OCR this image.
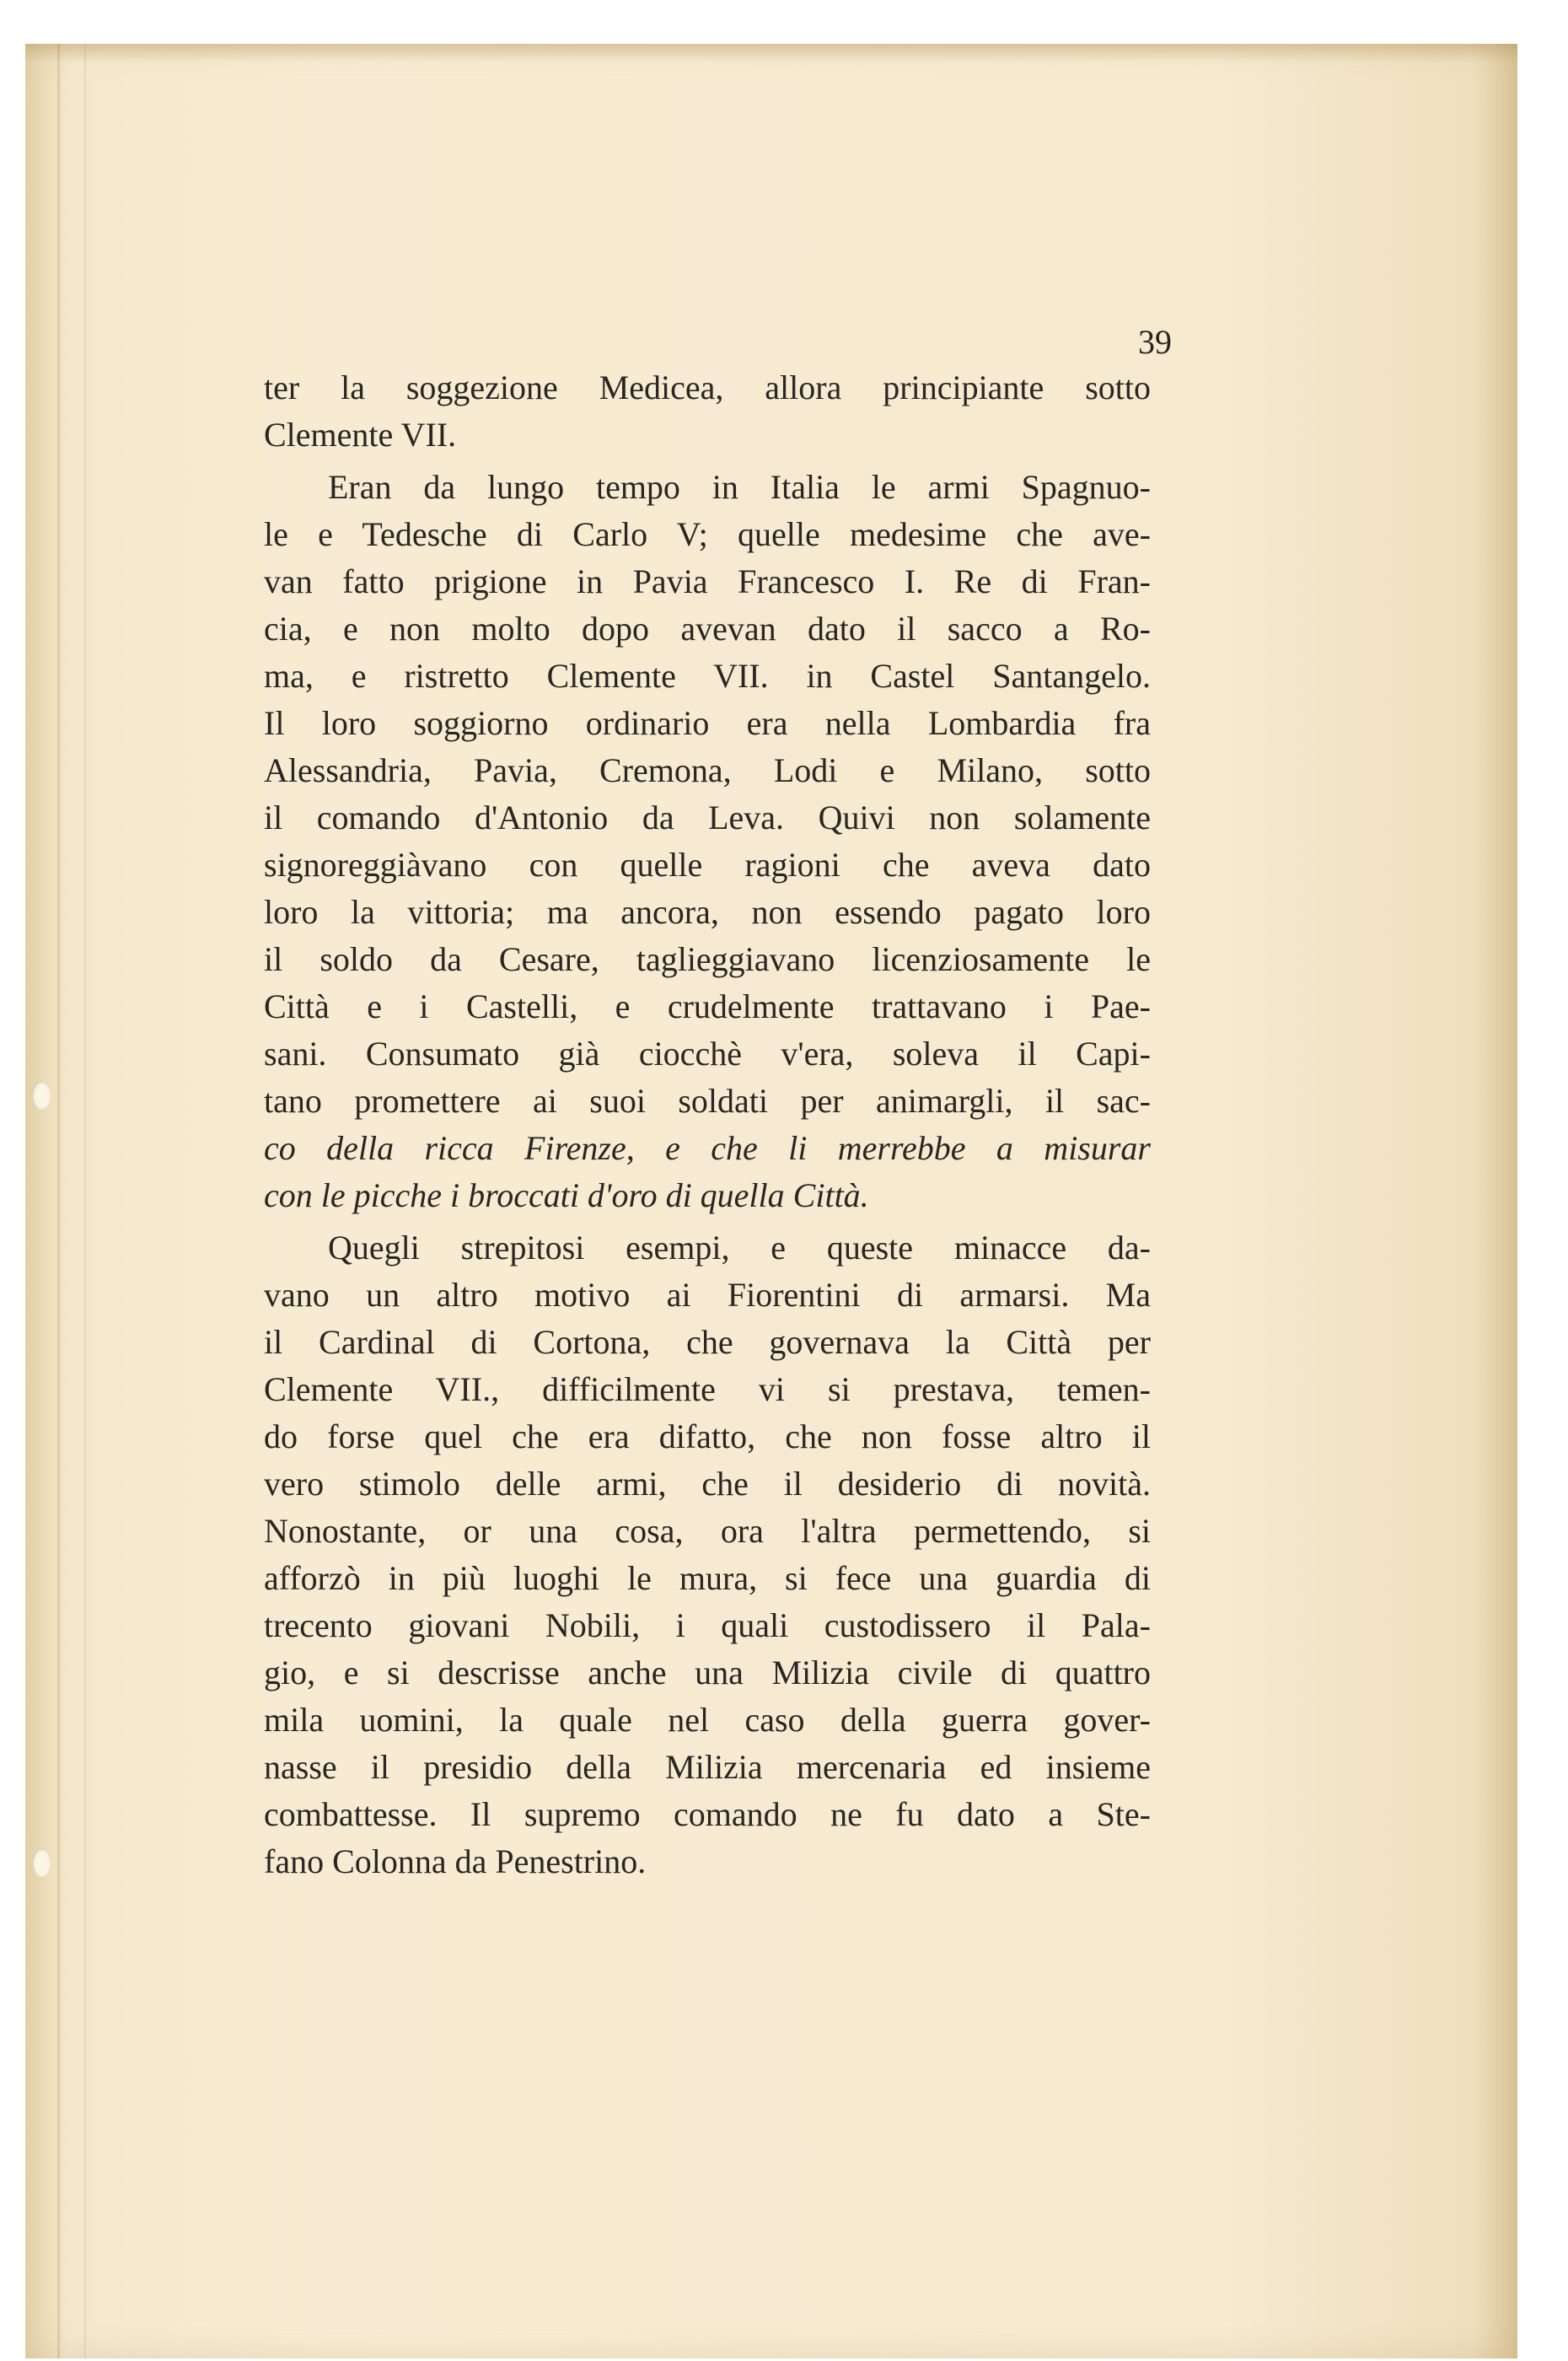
39
ter la soggezione Medicea, allora principiante sotto
Clemente VII.
Eran da lungo tempo in Italia le armi Spagnuo-
le e Tedesche di Carlo V; quelle medesime che ave-
van fatto prigione in Pavia Francesco I. Re di Fran-
cia, e non molto dopo avevan dato il sacco a Ro-
ma, e ristretto Clemente VII. in Castel Santangelo.
Il loro soggiorno ordinario era nella Lombardia fra
Alessandria, Pavia, Cremona, Lodi e Milano, sotto
il comando d'Antonio da Leva. Quivi non solamente
signoreggiàvano con quelle ragioni che aveva dato
loro la vittoria; ma ancora, non essendo pagato loro
il soldo da Cesare, taglieggiavano licenziosamente le
Città e i Castelli, e crudelmente trattavano i Pae-
sani. Consumato già ciocchè v'era, soleva il Capi-
tano promettere ai suoi soldati per animargli, il sac-
co della ricca Firenze, e che li merrebbe a misurar
con le picche i broccati d'oro di quella Città.
Quegli strepitosi esempi, e queste minacce da-
vano un altro motivo ai Fiorentini di armarsi. Ma
il Cardinal di Cortona, che governava la Città per
Clemente VII., difficilmente vi si prestava, temen-
do forse quel che era difatto, che non fosse altro il
vero stimolo delle armi, che il desiderio di novità.
Nonostante, or una cosa, ora l'altra permettendo, si
afforzò in più luoghi le mura, si fece una guardia di
trecento giovani Nobili, i quali custodissero il Pala-
gio, e si descrisse anche una Milizia civile di quattro
mila uomini, la quale nel caso della guerra gover-
nasse il presidio della Milizia mercenaria ed insieme
combattesse. Il supremo comando ne fu dato a Ste-
fano Colonna da Penestrino.
